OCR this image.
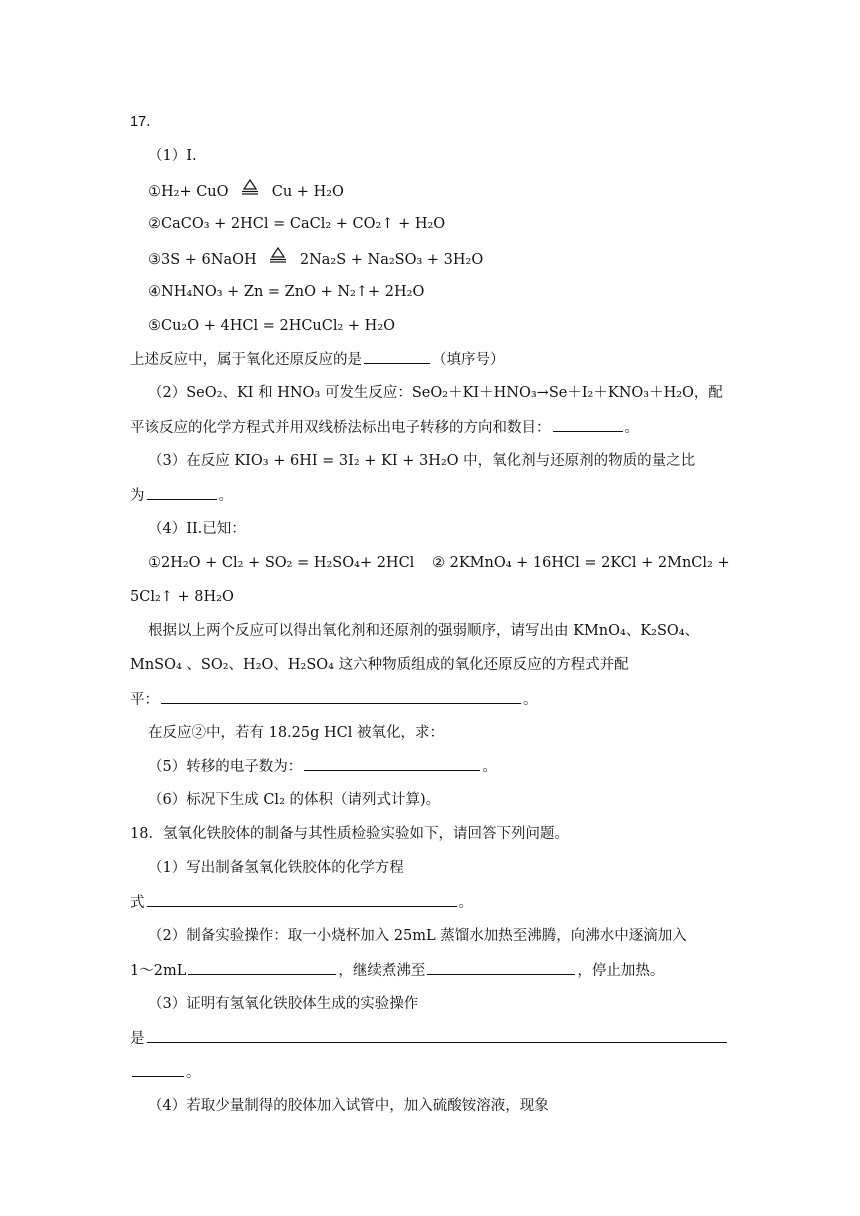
17．
（1）I.
①H₂+ CuO	Cu + H₂O
②CaCO₃ + 2HCl = CaCl₂ + CO₂↑ + H₂O
③3S + 6NaOH	2Na₂S + Na₂SO₃ + 3H₂O
④NH₄NO₃ + Zn = ZnO + N₂↑+ 2H₂O
⑤Cu₂O + 4HCl = 2HCuCl₂ + H₂O
上述反应中，属于氧化还原反应的是	（填序号）
（2）SeO₂、KI 和 HNO₃ 可发生反应：SeO₂＋KI＋HNO₃→Se＋I₂＋KNO₃＋H₂O，配
平该反应的化学方程式并用双线桥法标出电子转移的方向和数目：	。
（3）在反应 KIO₃ + 6HI = 3I₂ + KI + 3H₂O 中，氧化剂与还原剂的物质的量之比
为	。
（4）II.已知：
①2H₂O + Cl₂ + SO₂ = H₂SO₄+ 2HCl ② 2KMnO₄ + 16HCl = 2KCl + 2MnCl₂ +
5Cl₂↑ + 8H₂O
根据以上两个反应可以得出氧化剂和还原剂的强弱顺序，请写出由 KMnO₄、K₂SO₄、
MnSO₄ 、SO₂、H₂O、H₂SO₄ 这六种物质组成的氧化还原反应的方程式并配
平：	。
在反应②中，若有 18.25g HCl 被氧化，求：
（5）转移的电子数为：	。
（6）标况下生成 Cl₂ 的体积（请列式计算)。
18．氢氧化铁胶体的制备与其性质检验实验如下，请回答下列问题。
（1）写出制备氢氧化铁胶体的化学方程
式	。
（2）制备实验操作：取一小烧杯加入 25mL 蒸馏水加热至沸腾，向沸水中逐滴加入
1～2mL	，继续煮沸至	，停止加热。
（3）证明有氢氧化铁胶体生成的实验操作
是
。
（4）若取少量制得的胶体加入试管中，加入硫酸铵溶液，现象
